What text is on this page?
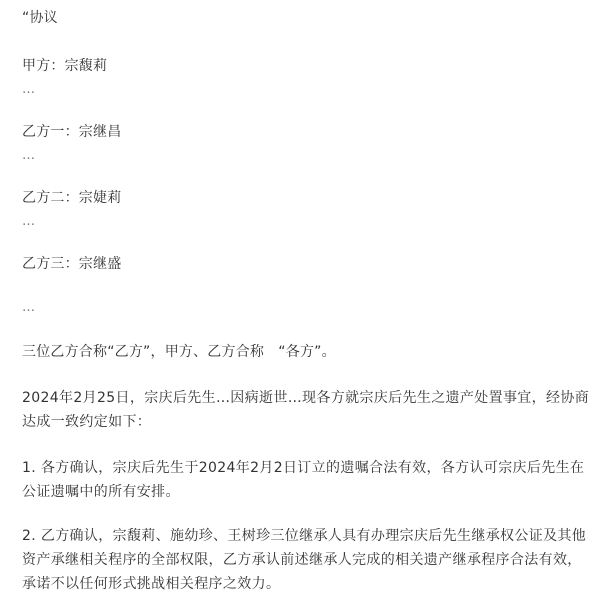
“协议
甲方：宗馥莉
…
乙方一：宗继昌
…
乙方二：宗婕莉
…
乙方三：宗继盛
…
三位乙方合称“乙方”，甲方、乙方合称　“各方”。
2024年2月25日，宗庆后先生…因病逝世…现各方就宗庆后先生之遗产处置事宜，经协商达成一致约定如下：
1. 各方确认，宗庆后先生于2024年2月2日订立的遗嘱合法有效，各方认可宗庆后先生在公证遗嘱中的所有安排。
2. 乙方确认，宗馥莉、施幼珍、王树珍三位继承人具有办理宗庆后先生继承权公证及其他资产承继相关程序的全部权限，乙方承认前述继承人完成的相关遗产继承程序合法有效，承诺不以任何形式挑战相关程序之效力。
